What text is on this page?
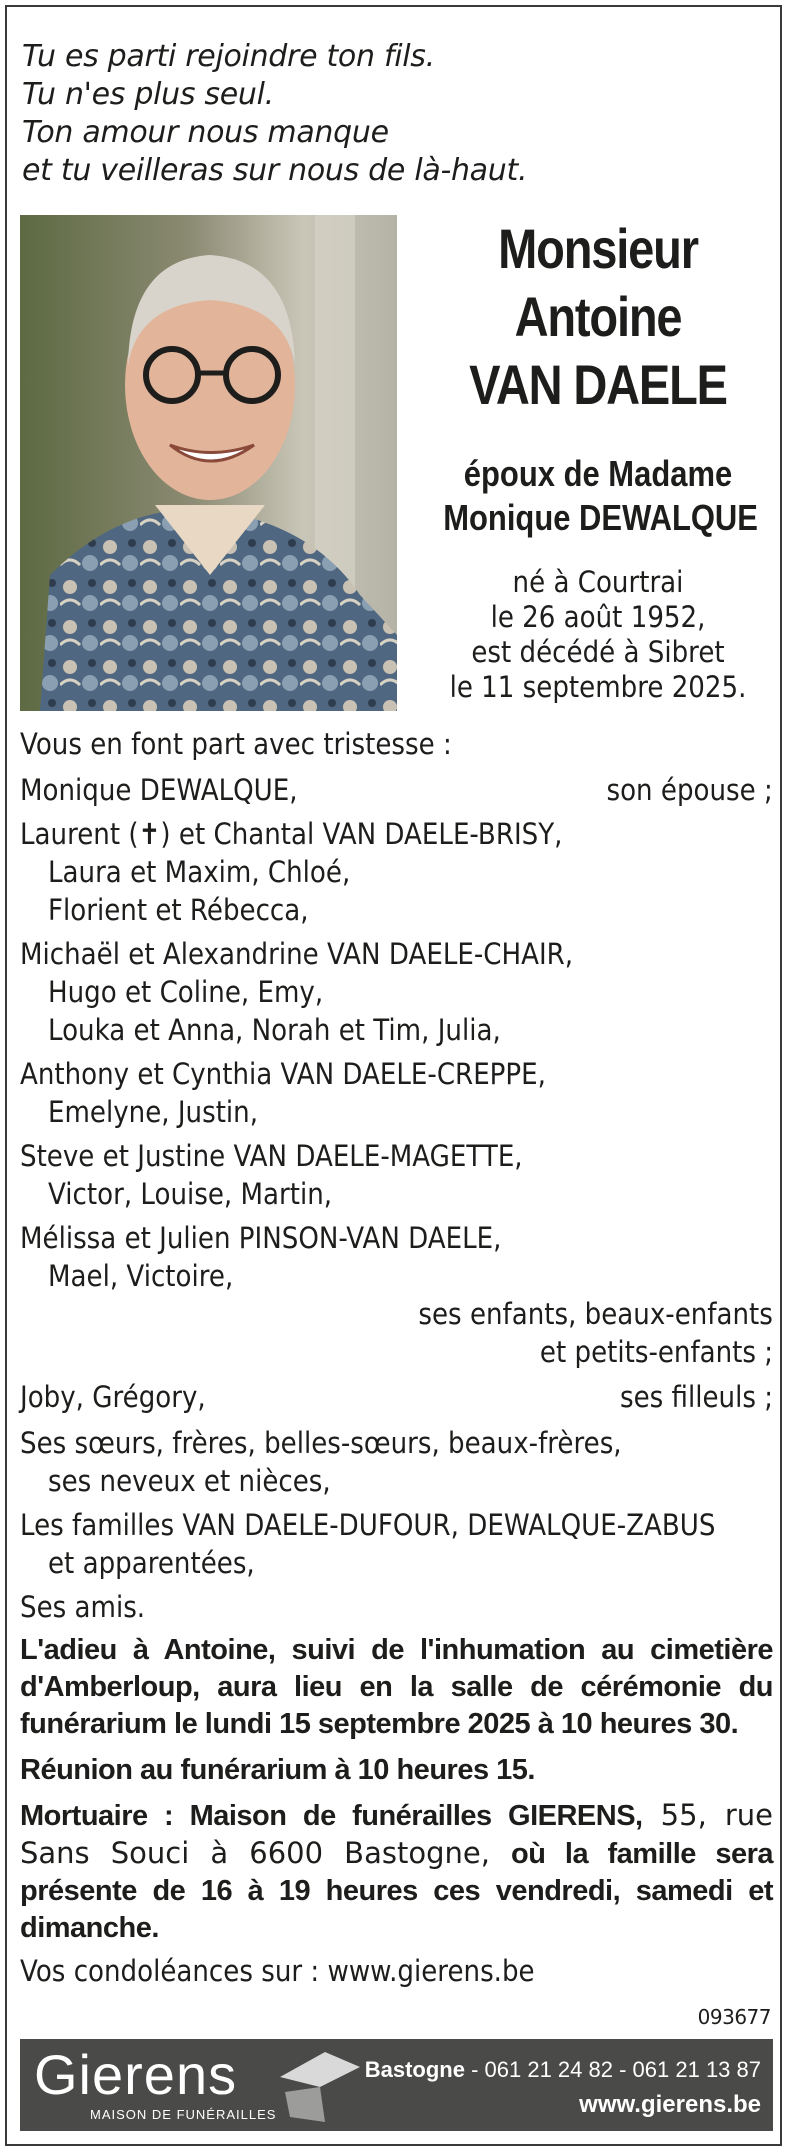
Tu es parti rejoindre ton fils.
Tu n'es plus seul.
Ton amour nous manque
et tu veilleras sur nous de là-haut.
Monsieur
Antoine
VAN DAELE
époux de Madame
Monique DEWALQUE
né à Courtrai
le 26 août 1952,
est décédé à Sibret
le 11 septembre 2025.
Vous en font part avec tristesse :
Monique DEWALQUE,	son épouse ;
Laurent (✝) et Chantal VAN DAELE-BRISY,
Laura et Maxim, Chloé,
Florient et Rébecca,
Michaël et Alexandrine VAN DAELE-CHAIR,
Hugo et Coline, Emy,
Louka et Anna, Norah et Tim, Julia,
Anthony et Cynthia VAN DAELE-CREPPE,
Emelyne, Justin,
Steve et Justine VAN DAELE-MAGETTE,
Victor, Louise, Martin,
Mélissa et Julien PINSON-VAN DAELE,
Mael, Victoire,
ses enfants, beaux-enfants
et petits-enfants ;
Joby, Grégory,	ses filleuls ;
Ses sœurs, frères, belles-sœurs, beaux-frères,
ses neveux et nièces,
Les familles VAN DAELE-DUFOUR, DEWALQUE-ZABUS
et apparentées,
Ses amis.
L'adieu à Antoine, suivi de l'inhumation au cimetière d'Amberloup, aura lieu en la salle de cérémonie du funérarium le lundi 15 septembre 2025 à 10 heures 30.
Réunion au funérarium à 10 heures 15.
Mortuaire : Maison de funérailles GIERENS, 55, rue Sans Souci à 6600 Bastogne, où la famille sera présente de 16 à 19 heures ces vendredi, samedi et dimanche.
Vos condoléances sur : www.gierens.be
093677
Gierens
MAISON DE FUNÉRAILLES
Bastogne - 061 21 24 82 - 061 21 13 87
www.gierens.be
